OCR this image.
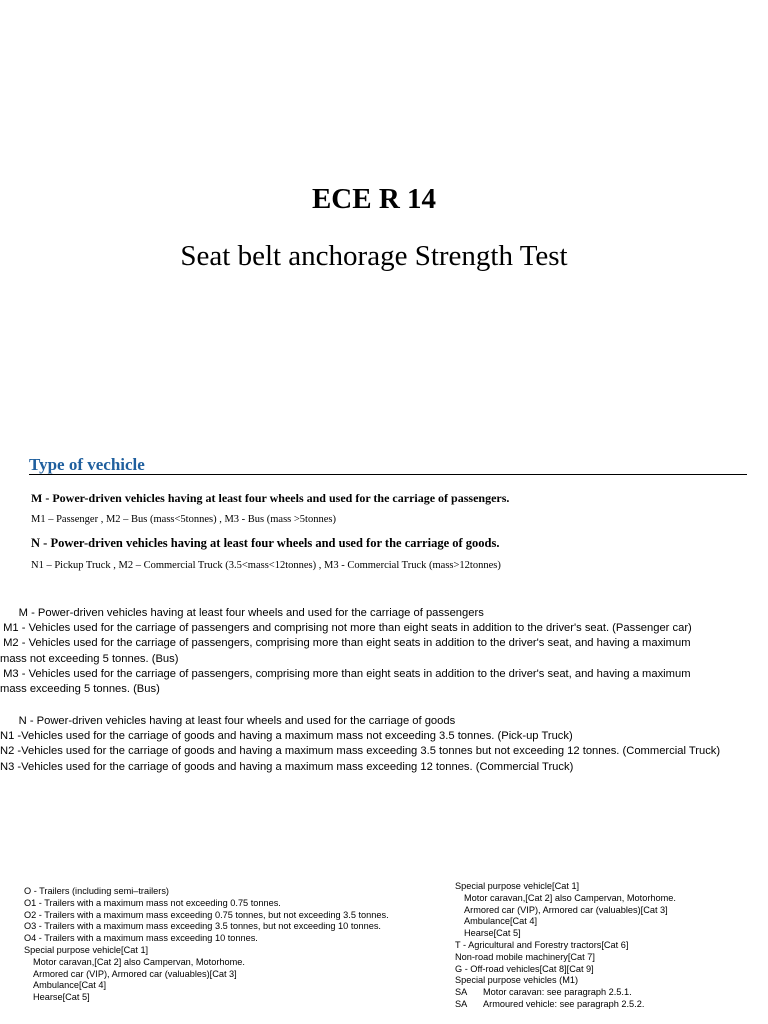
ECE R 14
Seat belt anchorage Strength Test
Type of vechicle
M - Power-driven vehicles having at least four wheels and used for the carriage of passengers.
M1 – Passenger , M2 – Bus (mass<5tonnes) , M3 - Bus (mass >5tonnes)
N - Power-driven vehicles having at least four wheels and used for the carriage of goods.
N1 – Pickup Truck , M2 – Commercial Truck (3.5<mass<12tonnes) , M3 - Commercial Truck (mass>12tonnes)
M - Power-driven vehicles having at least four wheels and used for the carriage of passengers
M1 - Vehicles used for the carriage of passengers and comprising not more than eight seats in addition to the driver's seat. (Passenger car)
M2 - Vehicles used for the carriage of passengers, comprising more than eight seats in addition to the driver's seat, and having a maximum
mass not exceeding 5 tonnes. (Bus)
M3 - Vehicles used for the carriage of passengers, comprising more than eight seats in addition to the driver's seat, and having a maximum
mass exceeding 5 tonnes. (Bus)
N - Power-driven vehicles having at least four wheels and used for the carriage of goods
N1 -Vehicles used for the carriage of goods and having a maximum mass not exceeding 3.5 tonnes. (Pick-up Truck)
N2 -Vehicles used for the carriage of goods and having a maximum mass exceeding 3.5 tonnes but not exceeding 12 tonnes. (Commercial Truck)
N3 -Vehicles used for the carriage of goods and having a maximum mass exceeding 12 tonnes. (Commercial Truck)
O - Trailers (including semi–trailers)
O1 - Trailers with a maximum mass not exceeding 0.75 tonnes.
O2 - Trailers with a maximum mass exceeding 0.75 tonnes, but not exceeding 3.5 tonnes.
O3 - Trailers with a maximum mass exceeding 3.5 tonnes, but not exceeding 10 tonnes.
O4 - Trailers with a maximum mass exceeding 10 tonnes.
Special purpose vehicle[Cat 1]
Motor caravan,[Cat 2] also Campervan, Motorhome.
Armored car (VIP), Armored car (valuables)[Cat 3]
Ambulance[Cat 4]
Hearse[Cat 5]
Special purpose vehicle[Cat 1]
Motor caravan,[Cat 2] also Campervan, Motorhome.
Armored car (VIP), Armored car (valuables)[Cat 3]
Ambulance[Cat 4]
Hearse[Cat 5]
T - Agricultural and Forestry tractors[Cat 6]
Non-road mobile machinery[Cat 7]
G - Off-road vehicles[Cat 8][Cat 9]
Special purpose vehicles (M1)
SA Motor caravan: see paragraph 2.5.1.
SA Armoured vehicle: see paragraph 2.5.2.
